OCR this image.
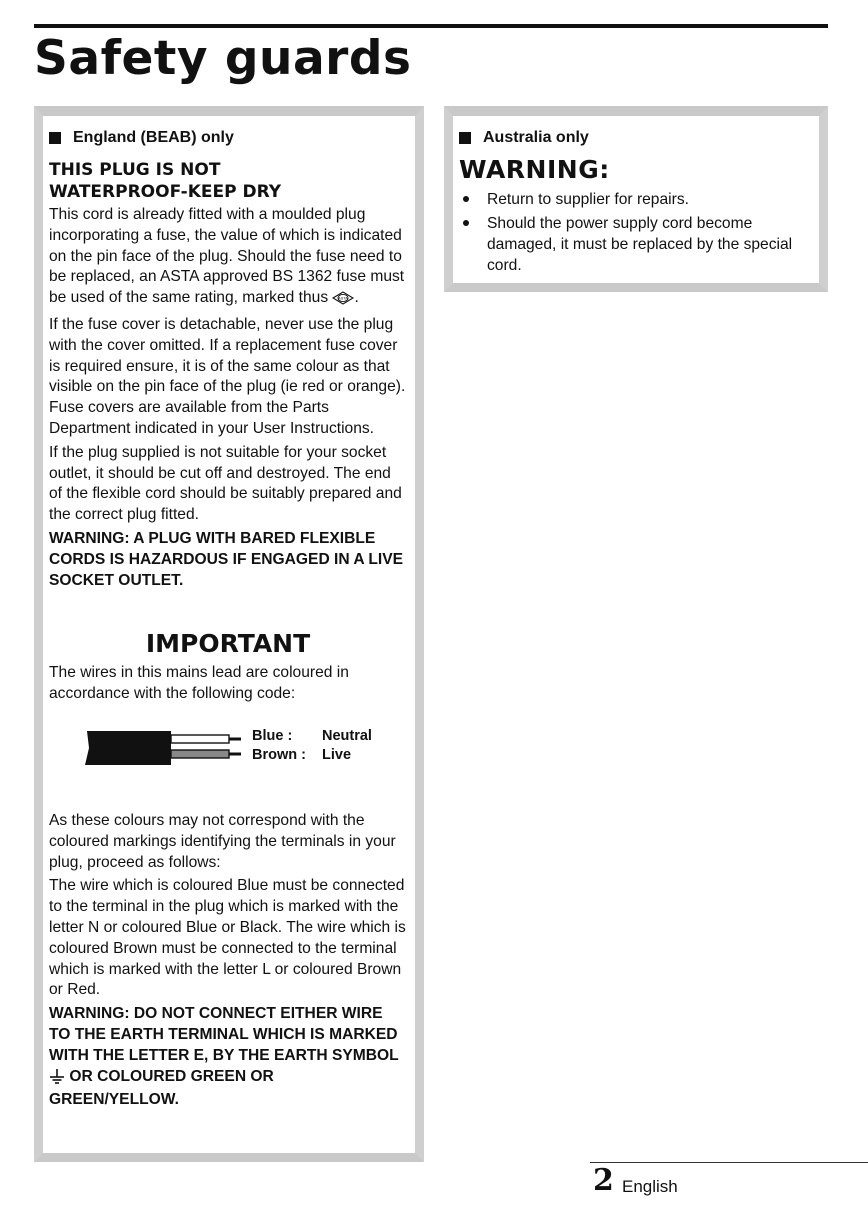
Safety guards
England (BEAB) only
THIS PLUG IS NOT
WATERPROOF-KEEP DRY

This cord is already fitted with a moulded plug incorporating a fuse, the value of which is indicated on the pin face of the plug. Should the fuse need to be replaced, an ASTA approved BS 1362 fuse must be used of the same rating, marked thus	ASTA .

If the fuse cover is detachable, never use the plug with the cover omitted. If a replacement fuse cover is required ensure, it is of the same colour as that visible on the pin face of the plug (ie red or orange). Fuse covers are available from the Parts Department indicated in your User Instructions.

If the plug supplied is not suitable for your socket outlet, it should be cut off and destroyed. The end of the flexible cord should be suitably prepared and the correct plug fitted.

WARNING: A PLUG WITH BARED FLEXIBLE CORDS IS HAZARDOUS IF ENGAGED IN A LIVE SOCKET OUTLET.
IMPORTANT

The wires in this mains lead are coloured in accordance with the following code:

Blue :	Neutral
Brown :	Live

As these colours may not correspond with the coloured markings identifying the terminals in your plug, proceed as follows:

The wire which is coloured Blue must be connected to the terminal in the plug which is marked with the letter N or coloured Blue or Black. The wire which is coloured Brown must be connected to the terminal which is marked with the letter L or coloured Brown or Red.

WARNING: DO NOT CONNECT EITHER WIRE TO THE EARTH TERMINAL WHICH IS MARKED WITH THE LETTER E, BY THE EARTH SYMBOL  OR COLOURED GREEN OR GREEN/YELLOW.
Australia only
WARNING:
Return to supplier for repairs.
Should the power supply cord become damaged, it must be replaced by the special cord.
2 English
